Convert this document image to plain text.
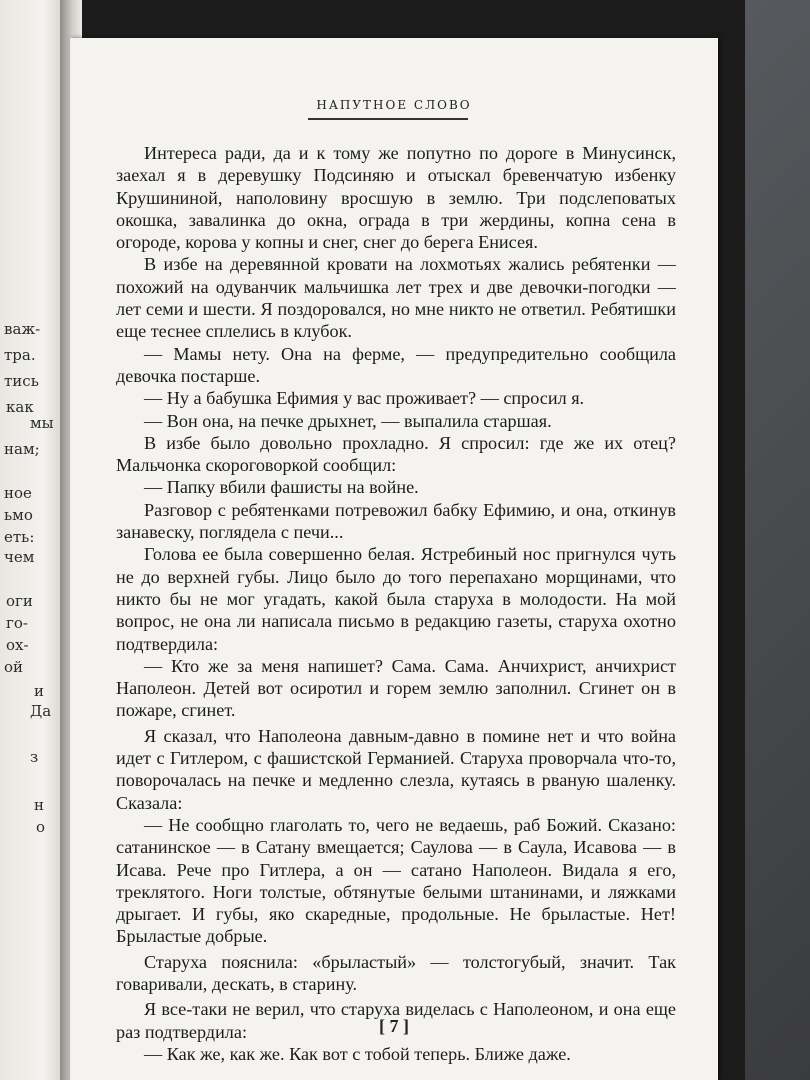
важ-
тра.
тись
как
мы
нам;
ное
ьмо
еть:
чем
оги
го-
ох-
ой
и
Да
з
н
о
НАПУТНОЕ СЛОВО

Интереса ради, да и к тому же попутно по дороге в Минусинск, заехал я в деревушку Подсиняю и отыскал бревенчатую избенку Крушининой, наполовину вросшую в землю. Три подслеповатых окошка, завалинка до окна, ограда в три жердины, копна сена в огороде, корова у копны и снег, снег до берега Енисея.

В избе на деревянной кровати на лохмотьях жались ребятенки — похожий на одуванчик мальчишка лет трех и две девочки-погодки — лет семи и шести. Я поздоровался, но мне никто не ответил. Ребятишки еще теснее сплелись в клубок.

— Мамы нету. Она на ферме, — предупредительно сообщила девочка постарше.

— Ну а бабушка Ефимия у вас проживает? — спросил я.

— Вон она, на печке дрыхнет, — выпалила старшая.

В избе было довольно прохладно. Я спросил: где же их отец? Мальчонка скороговоркой сообщил:

— Папку вбили фашисты на войне.

Разговор с ребятенками потревожил бабку Ефимию, и она, откинув занавеску, поглядела с печи...

Голова ее была совершенно белая. Ястребиный нос пригнулся чуть не до верхней губы. Лицо было до того перепахано морщинами, что никто бы не мог угадать, какой была старуха в молодости. На мой вопрос, не она ли написала письмо в редакцию газеты, старуха охотно подтвердила:

— Кто же за меня напишет? Сама. Сама. Анчихрист, анчихрист Наполеон. Детей вот осиротил и горем землю заполнил. Сгинет он в пожаре, сгинет.

Я сказал, что Наполеона давным-давно в помине нет и что война идет с Гитлером, с фашистской Германией. Старуха проворчала что-то, поворочалась на печке и медленно слезла, кутаясь в рваную шаленку. Сказала:

— Не сообщно глаголать то, чего не ведаешь, раб Божий. Сказано: сатанинское — в Сатану вмещается; Саулова — в Саула, Исавова — в Исава. Рече про Гитлера, а он — сатано Наполеон. Видала я его, треклятого. Ноги толстые, обтянутые белыми штанинами, и ляжками дрыгает. И губы, яко скаредные, продольные. Не брыластые. Нет! Брыластые добрые.

Старуха пояснила: «брыластый» — толстогубый, значит. Так говаривали, дескать, в старину.

Я все-таки не верил, что старуха виделась с Наполеоном, и она еще раз подтвердила:

— Как же, как же. Как вот с тобой теперь. Ближе даже.

[ 7 ]
